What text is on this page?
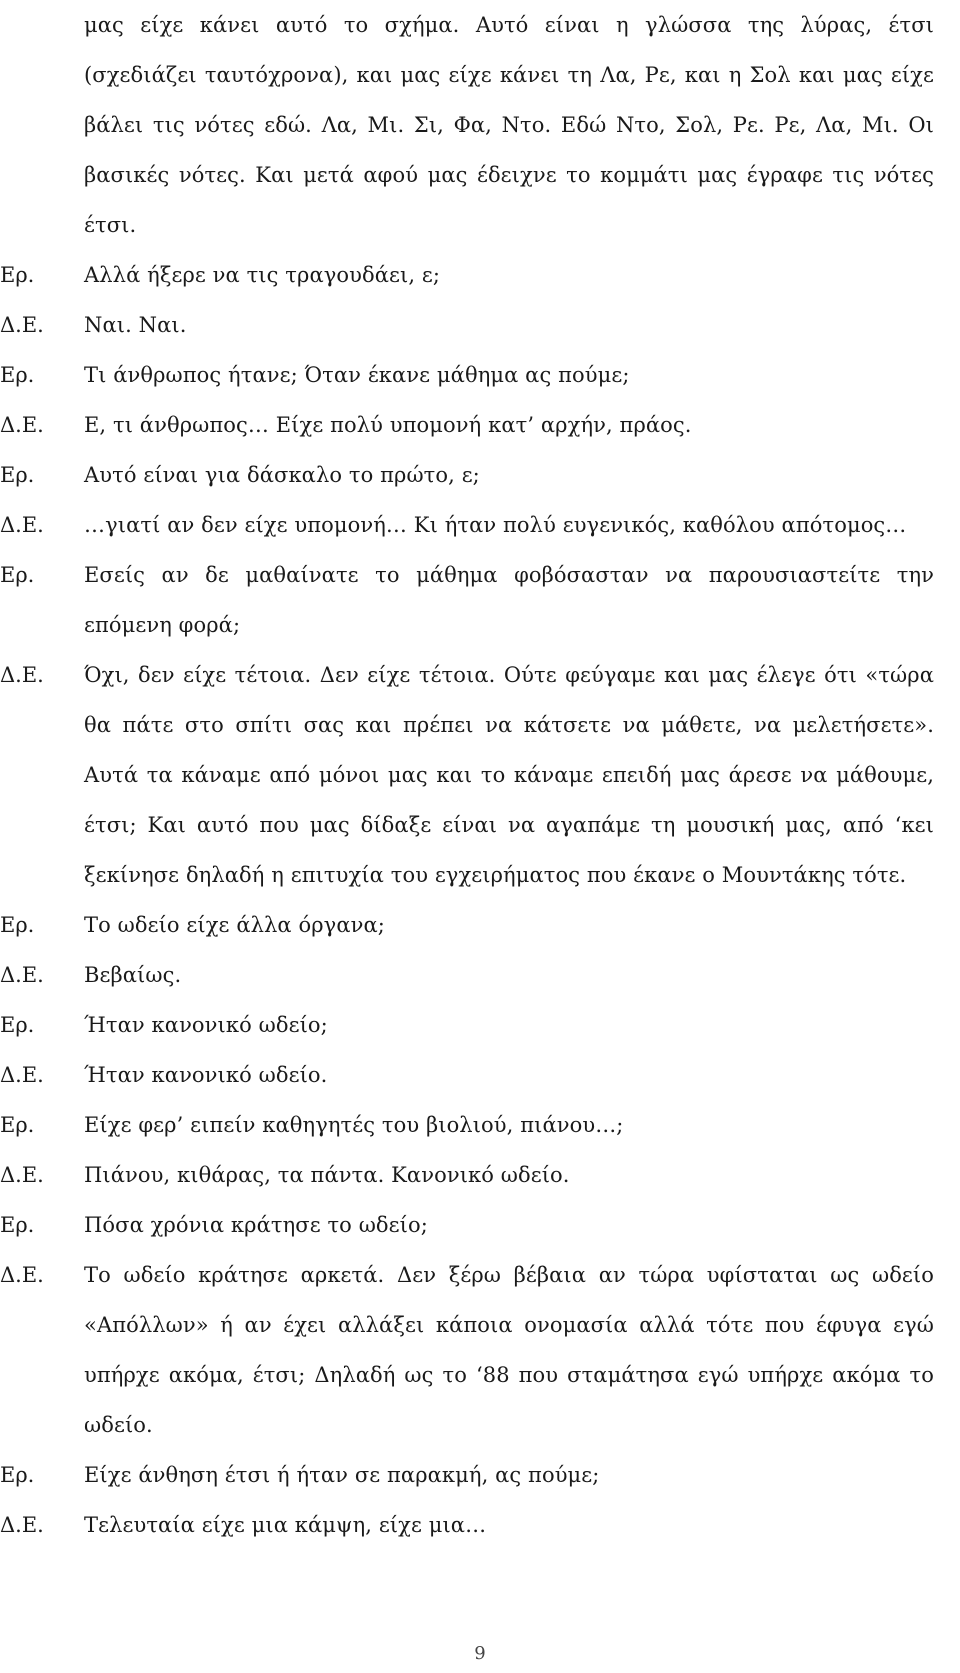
μας είχε κάνει αυτό το σχήμα. Αυτό είναι η γλώσσα της λύρας, έτσι (σχεδιάζει ταυτόχρονα), και μας είχε κάνει τη Λα, Ρε, και η Σολ και μας είχε βάλει τις νότες εδώ. Λα, Μι. Σι, Φα, Ντο. Εδώ Ντο, Σολ, Ρε. Ρε, Λα, Μι. Οι βασικές νότες. Και μετά αφού μας έδειχνε το κομμάτι μας έγραφε τις νότες έτσι.
Ερ.	Αλλά ήξερε να τις τραγουδάει, ε;
Δ.Ε.	Ναι. Ναι.
Ερ.	Τι άνθρωπος ήτανε; Όταν έκανε μάθημα ας πούμε;
Δ.Ε.	Ε, τι άνθρωπος… Είχε πολύ υπομονή κατ’ αρχήν, πράος.
Ερ.	Αυτό είναι για δάσκαλο το πρώτο, ε;
Δ.Ε.	…γιατί αν δεν είχε υπομονή… Κι ήταν πολύ ευγενικός, καθόλου απότομος…
Ερ.	Εσείς αν δε μαθαίνατε το μάθημα φοβόσασταν να παρουσιαστείτε την επόμενη φορά;
Δ.Ε.	Όχι, δεν είχε τέτοια. Δεν είχε τέτοια. Ούτε φεύγαμε και μας έλεγε ότι «τώρα θα πάτε στο σπίτι σας και πρέπει να κάτσετε να μάθετε, να μελετήσετε». Αυτά τα κάναμε από μόνοι μας και το κάναμε επειδή μας άρεσε να μάθουμε, έτσι; Και αυτό που μας δίδαξε είναι να αγαπάμε τη μουσική μας, από ‘κει ξεκίνησε δηλαδή η επιτυχία του εγχειρήματος που έκανε ο Μουντάκης τότε.
Ερ.	Το ωδείο είχε άλλα όργανα;
Δ.Ε.	Βεβαίως.
Ερ.	Ήταν κανονικό ωδείο;
Δ.Ε.	Ήταν κανονικό ωδείο.
Ερ.	Είχε φερ’ ειπείν καθηγητές του βιολιού, πιάνου…;
Δ.Ε.	Πιάνου, κιθάρας, τα πάντα. Κανονικό ωδείο.
Ερ.	Πόσα χρόνια κράτησε το ωδείο;
Δ.Ε.	Το ωδείο κράτησε αρκετά. Δεν ξέρω βέβαια αν τώρα υφίσταται ως ωδείο «Απόλλων» ή αν έχει αλλάξει κάποια ονομασία αλλά τότε που έφυγα εγώ υπήρχε ακόμα, έτσι; Δηλαδή ως το ‘88 που σταμάτησα εγώ υπήρχε ακόμα το ωδείο.
Ερ.	Είχε άνθηση έτσι ή ήταν σε παρακμή, ας πούμε;
Δ.Ε.	Τελευταία είχε μια κάμψη, είχε μια…
9
